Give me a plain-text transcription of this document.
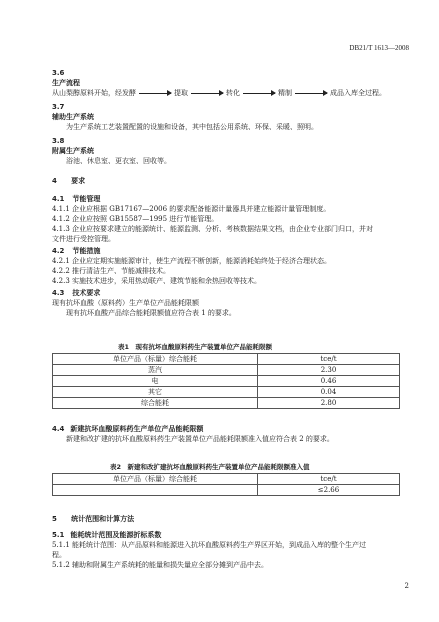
DB21/T 1613—2008
3.6
生产流程
从山梨醇原料开始，经发酵	提取	转化	精制	成品入库全过程。
3.7
辅助生产系统
为生产系统工艺装置配置的设施和设备，其中包括公用系统、环保、采暖、照明。
3.8
附属生产系统
浴池、休息室、更衣室、回收等。
4 要求
4.1 节能管理
4.1.1 企业应根据 GB17167—2006 的要求配备能源计量器具并建立能源计量管理制度。
4.1.2 企业应按照 GB15587—1995 进行节能管理。
4.1.3 企业应按要求建立的能源统计、能源监测、分析、考核数据结果文档，由企业专业部门归口，并对
文件进行受控管理。
4.2 节能措施
4.2.1 企业应定期实施能源审计，使生产流程不断创新，能源消耗始终处于经济合理状态。
4.2.2 推行清洁生产、节能减排技术。
4.2.3 实施技术进步，采用热动联产、建筑节能和余热回收等技术。
4.3 技术要求
现有抗坏血酸（原料药）生产单位产品能耗限额
现有抗坏血酸产品综合能耗限额值应符合表 1 的要求。
表1　现有抗坏血酸原料药生产装置单位产品能耗限额
单位产品（标量）综合能耗	tce/t
蒸汽	2.30
电	0.46
其它	0.04
综合能耗	2.80
4.4 新建抗坏血酸原料药生产单位产品能耗限额
新建和改扩建的抗坏血酸原料药生产装置单位产品能耗限额准入值应符合表 2 的要求。
表2　新建和改扩建抗坏血酸原料药生产装置单位产品能耗限额准入值
单位产品（标量）综合能耗	tce/t
	≤2.66
5 统计范围和计算方法
5.1 能耗统计范围及能源折标系数
5.1.1 能耗统计范围：从产品原料和能源进入抗坏血酸原料药生产界区开始，到成品入库的整个生产过
程。
5.1.2 辅助和附属生产系统耗的能量和损失量应全部分摊到产品中去。
2
